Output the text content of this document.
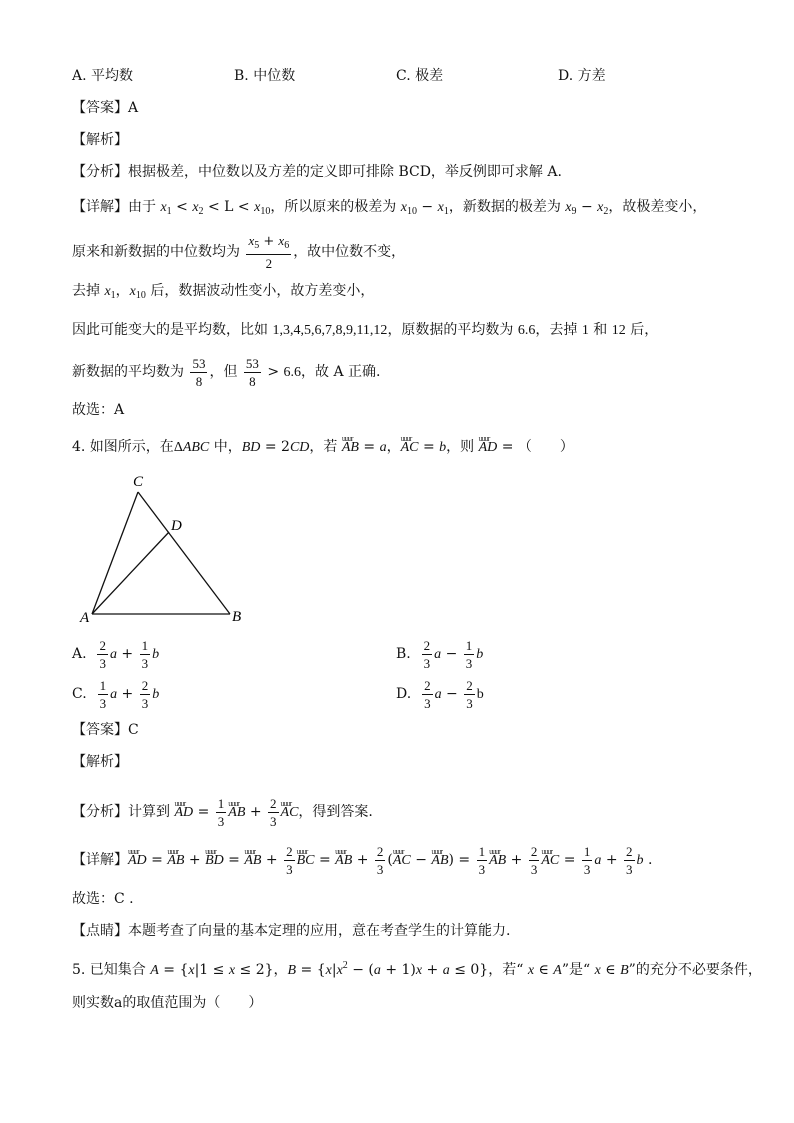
A. 平均数	B. 中位数	C. 极差	D. 方差
【答案】A
【解析】
【分析】根据极差，中位数以及方差的定义即可排除 BCD，举反例即可求解 A.
【详解】由于 $x_1 < x_2 < L < x_{10}$，所以原来的极差为 $x_{10} - x_1$，新数据的极差为 $x_9 - x_2$，故极差变小，
原来和新数据的中位数均为 $\frac{x_5 + x_6}{2}$ ，故中位数不变，
去掉 $x_1$，$x_{10}$ 后，数据波动性变小，故方差变小，
因此可能变大的是平均数，比如 1,3,4,5,6,7,8,9,11,12，原数据的平均数为 6.6，去掉 1 和 12 后，
新数据的平均数为 $\frac{53}{8}$ ，但 $\frac{53}{8} > 6.6$，故 A 正确.
故选：A
4. 如图所示，在ΔABC 中，BD = 2CD，若 uuur AB = a，uuur AC = b，则 uuur AD = （　　）
C
D
A	B
A. $\frac{2}{3}$ $a + \frac{1}{3}$ b	B. $\frac{2}{3}$ $a - \frac{1}{3}$ b
C. $\frac{1}{3}$ $a + \frac{2}{3}$ b	D. $\frac{2}{3}$ $a - \frac{2}{3}$ b
【答案】C
【解析】
【分析】计算到 uuur AD = $\frac{1}{3}$ uuur AB + $\frac{2}{3}$ uuur AC，得到答案.
【详解】uuur AD = uuur AB + uuur BD = uuur AB + $\frac{2}{3}$ uuur BC = uuur AB + $\frac{2}{3}$ (uuur AC − uuur $AB) = \frac{1}{3}$ uuur AB + $\frac{2}{3}$ uuur AC = $\frac{1}{3}$ $a + \frac{2}{3}$ b .
故选：C .
【点睛】本题考查了向量的基本定理的应用，意在考查学生的计算能力.
5. 已知集合 A = {x|1 ≤ x ≤ 2}，$B = \{x|x^2 - (a + 1)x + a \le 0\}$，若“ x ∈ A”是“ x ∈ B”的充分不必要条件，
则实数a的取值范围为（　　）
